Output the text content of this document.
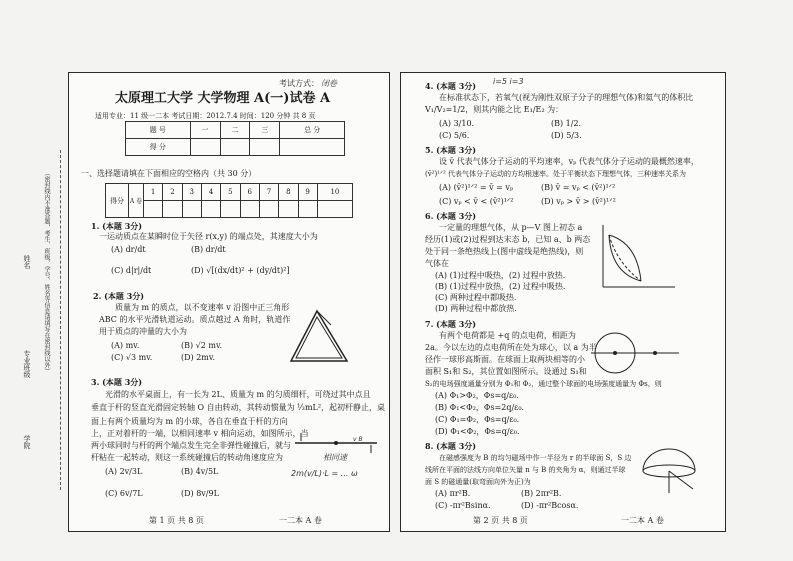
（密封线内不准答题，考生、班级、学号、姓名等信息请填写在密封线以外）
姓名
专业班级
学院
考试方式： 闭卷
太原理工大学 大学物理 A(一)试卷 A
适用专业：11 级一二本 考试日期：2012.7.4 时间：120 分钟 共 8 页
题 号	一	二	三	总 分
得 分				
一、选择题请填在下面相应的空格内（共 30 分）
得分	A 卷	1	2	3	4	5	6	7	8	9	10

1. (本题 3分)
一运动质点在某瞬时位于矢径 r(x,y) 的端点处，其速度大小为
(A) dr/dt	(B) dr/dt
(C) d|r|/dt	(D) √[(dx/dt)² + (dy/dt)²]
2. (本题 3分)
质量为 m 的质点，以不变速率 v 沿图中正三角形
ABC 的水平光滑轨道运动。质点越过 A 角时，轨道作
用于质点的冲量的大小为
(A) mv.	(B) √2 mv.
(C) √3 mv.	(D) 2mv.
3. (本题 3分)
光滑的水平桌面上，有一长为 2L、质量为 m 的匀质细杆，可绕过其中点且
垂直于杆的竖直光滑固定转轴 O 自由转动，其转动惯量为 ⅓mL²，起初杆静止，桌
面上有两个质量均为 m 的小球，各自在垂直于杆的方向
上，正对着杆的一端，以相同速率 v 相向运动，如图所示，当
两小球同时与杆的两个端点发生完全非弹性碰撞后，就与
杆粘在一起转动，则这一系统碰撞后的转动角速度应为
(A) 2v/3L	(B) 4v/5L
(C) 6v/7L	(D) 8v/9L
相同速
v B
2m(v/L)·L = ... ω
第 1 页 共 8 页	一二本 A 卷
4. (本题 3分) i=5 i=3
在标准状态下，若氧气(视为刚性双原子分子的理想气体)和氦气的体积比
V₁/V₂=1/2，则其内能之比 E₁/E₂ 为：
(A) 3/10.	(B) 1/2.
(C) 5/6.	(D) 5/3.
5. (本题 3分)
设 v̄ 代表气体分子运动的平均速率，vₚ 代表气体分子运动的最概然速率，
(v̄²)¹ᐟ² 代表气体分子运动的方均根速率。处于平衡状态下理想气体，三种速率关系为
(A) (v̄²)¹ᐟ² = v̄ = vₚ	(B) v̄ = vₚ < (v̄²)¹ᐟ²
(C) vₚ < v̄ < (v̄²)¹ᐟ²	(D) vₚ > v̄ > (v̄²)¹ᐟ²
6. (本题 3分)
一定量的理想气体，从 p—V 图上初态 a
经历(1)或(2)过程到达末态 b，已知 a、b 两态
处于同一条绝热线上(图中虚线是绝热线)，则
气体在
(A) (1)过程中吸热，(2) 过程中放热.
(B) (1)过程中放热，(2) 过程中吸热.
(C) 两种过程中都吸热.
(D) 两种过程中都放热.
7. (本题 3分)
有两个电荷都是 +q 的点电荷，相距为
2a。今以左边的点电荷所在处为球心，以 a 为半
径作一球形高斯面。在球面上取两块相等的小
面积 S₁和 S₂，其位置如图所示。设通过 S₁和
S₂的电场强度通量分别为 Φ₁和 Φ₂，通过整个球面的电场强度通量为 Φs，则
(A) Φ₁>Φ₂，Φs=q/ε₀.
(B) Φ₁<Φ₂，Φs=2q/ε₀.
(C) Φ₁=Φ₂，Φs=q/ε₀.
(D) Φ₁<Φ₂，Φs=q/ε₀.
8. (本题 3分)
在磁感强度为 B 的均匀磁场中作一半径为 r 的半球面 S，S 边
线所在平面的法线方向单位矢量 n 与 B 的夹角为 α，则通过半球
面 S 的磁通量(取弯面向外为正)为
(A) πr²B.	(B) 2πr²B.
(C) -πr²Bsinα.	(D) -πr²Bcosα.
第 2 页 共 8 页	一二本 A 卷
